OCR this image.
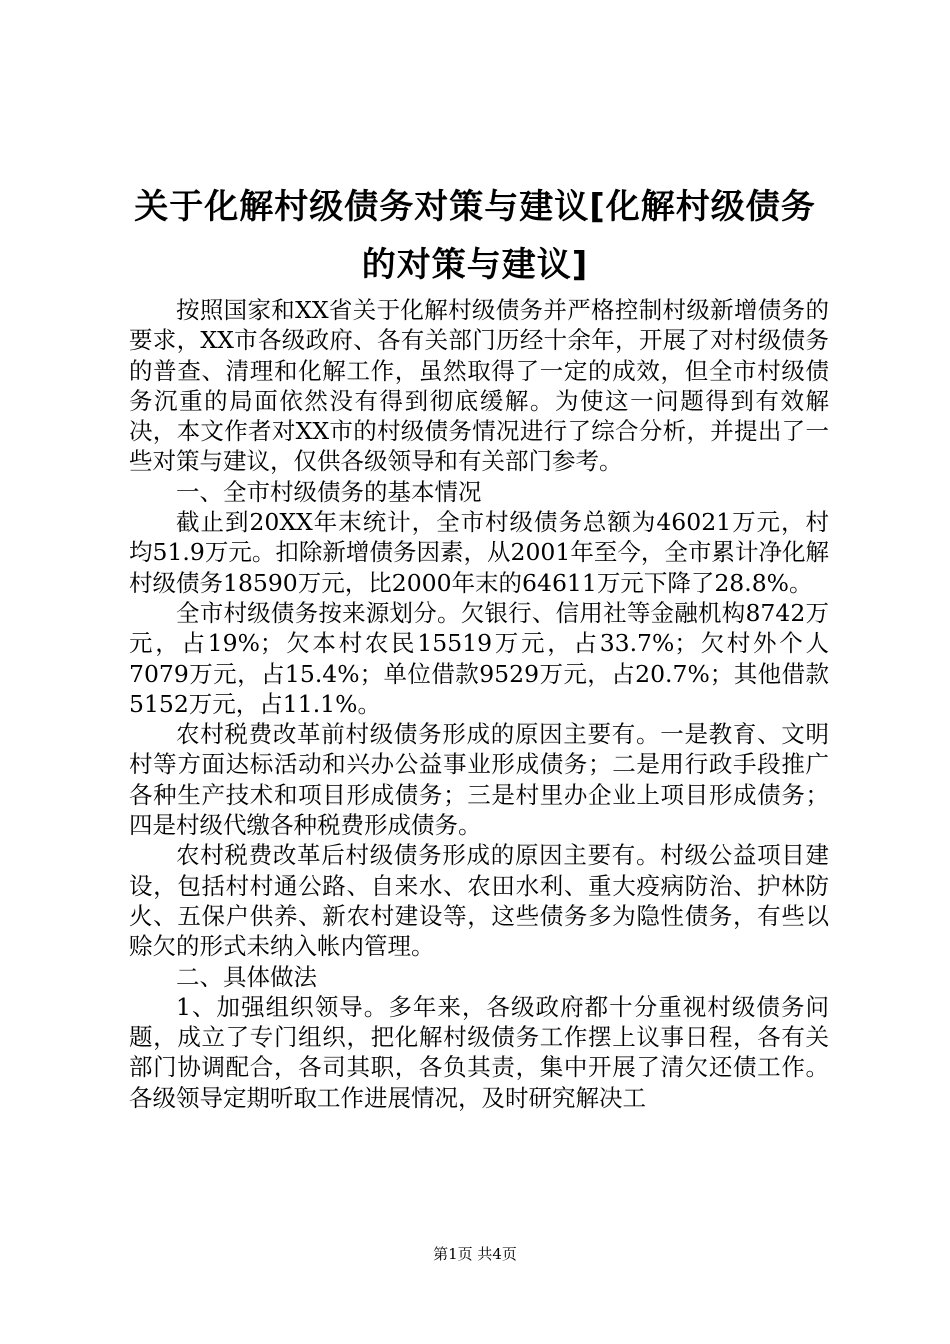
关于化解村级债务对策与建议[化解村级债务的对策与建议]

按照国家和XX省关于化解村级债务并严格控制村级新增债务的要求，XX市各级政府、各有关部门历经十余年，开展了对村级债务的普查、清理和化解工作，虽然取得了一定的成效，但全市村级债务沉重的局面依然没有得到彻底缓解。为使这一问题得到有效解决，本文作者对XX市的村级债务情况进行了综合分析，并提出了一些对策与建议，仅供各级领导和有关部门参考。

一、全市村级债务的基本情况

截止到20XX年末统计，全市村级债务总额为46021万元，村均51.9万元。扣除新增债务因素，从2001年至今，全市累计净化解村级债务18590万元，比2000年末的64611万元下降了28.8%。

全市村级债务按来源划分。欠银行、信用社等金融机构8742万元，占19%；欠本村农民15519万元，占33.7%；欠村外个人7079万元，占15.4%；单位借款9529万元，占20.7%；其他借款5152万元，占11.1%。

农村税费改革前村级债务形成的原因主要有。一是教育、文明村等方面达标活动和兴办公益事业形成债务；二是用行政手段推广各种生产技术和项目形成债务；三是村里办企业上项目形成债务；四是村级代缴各种税费形成债务。

农村税费改革后村级债务形成的原因主要有。村级公益项目建设，包括村村通公路、自来水、农田水利、重大疫病防治、护林防火、五保户供养、新农村建设等，这些债务多为隐性债务，有些以赊欠的形式未纳入帐内管理。

二、具体做法

1、加强组织领导。多年来，各级政府都十分重视村级债务问题，成立了专门组织，把化解村级债务工作摆上议事日程，各有关部门协调配合，各司其职，各负其责，集中开展了清欠还债工作。各级领导定期听取工作进展情况，及时研究解决工

第1页 共4页
